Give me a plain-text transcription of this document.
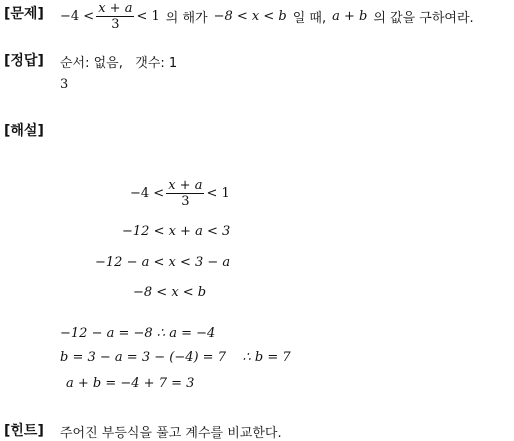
[문제] $-4 < \frac{x + a}{3} < 1$ 의 해가 −8 < x < b 일 때, a + b 의 값을 구하여라.
[정답] 순서: 없음,   갯수: 1
3
[해설]
$-4 < \frac{x + a}{3} < 1$
−12 < x + a < 3
−12 − a < x < 3 − a
−8 < x < b
−12 − a = −8 ∴ a = −4
b = 3 − a = 3 − (−4) = 7    ∴ b = 7
a + b = −4 + 7 = 3
[힌트] 주어진 부등식을 풀고 계수를 비교한다.
